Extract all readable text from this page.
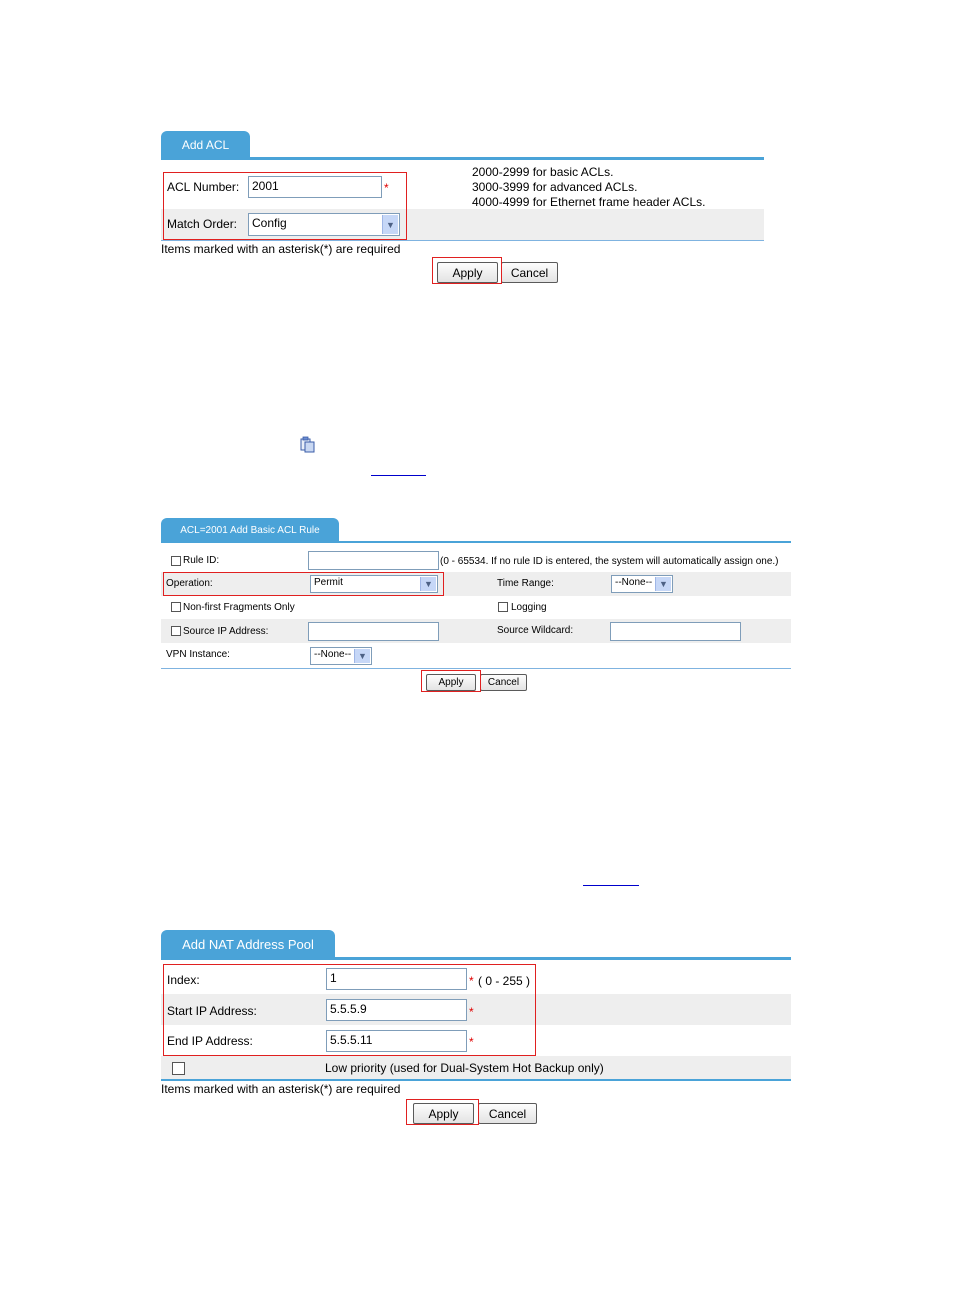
Add ACL
ACL Number:	2001	*
Match Order:	Config	▼
2000-2999 for basic ACLs.
3000-3999 for advanced ACLs.
4000-4999 for Ethernet frame header ACLs.
Items marked with an asterisk(*) are required
Apply	Cancel
ACL=2001 Add Basic ACL Rule
Rule ID:	(0 - 65534. If no rule ID is entered, the system will automatically assign one.)
Operation:	Permit	▼	Time Range:	--None-- ▼
Non-first Fragments Only	Logging
Source IP Address:	Source Wildcard:
VPN Instance:	--None-- ▼
Apply	Cancel
Add NAT Address Pool
Index:	1	* ( 0 - 255 )
Start IP Address:	5.5.5.9	*
End IP Address:	5.5.5.11	*
Low priority (used for Dual-System Hot Backup only)
Items marked with an asterisk(*) are required
Apply	Cancel
